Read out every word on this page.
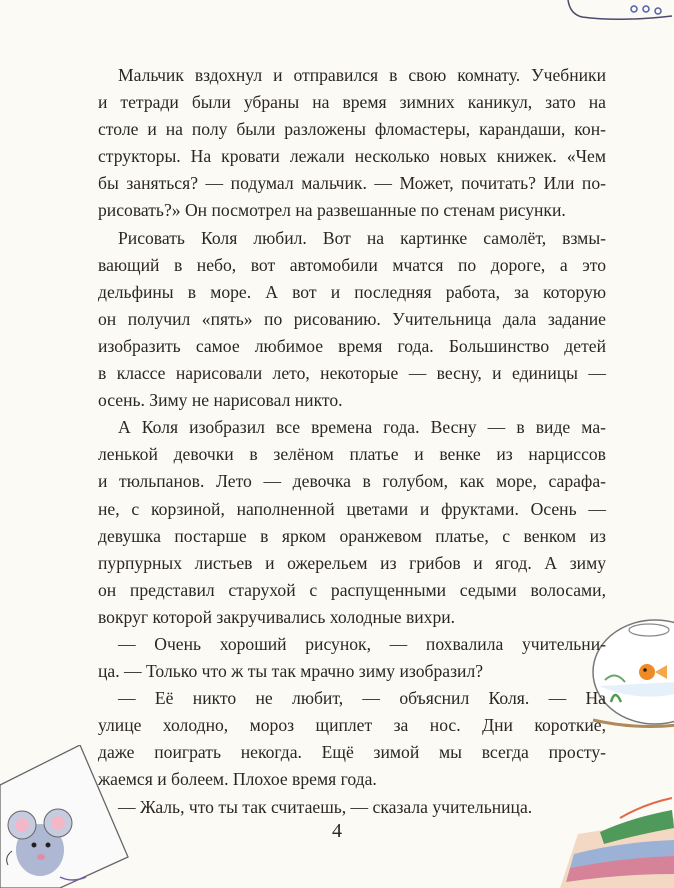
Мальчик вздохнул и отправился в свою комнату. Учебники
и тетради были убраны на время зимних каникул, зато на
столе и на полу были разложены фломастеры, карандаши, кон-
структоры. На кровати лежали несколько новых книжек. «Чем
бы заняться? — подумал мальчик. — Может, почитать? Или по-
рисовать?» Он посмотрел на развешанные по стенам рисунки.
Рисовать Коля любил. Вот на картинке самолёт, взмы-
вающий в небо, вот автомобили мчатся по дороге, а это
дельфины в море. А вот и последняя работа, за которую
он получил «пять» по рисованию. Учительница дала задание
изобразить самое любимое время года. Большинство детей
в классе нарисовали лето, некоторые — весну, и единицы —
осень. Зиму не нарисовал никто.
А Коля изобразил все времена года. Весну — в виде ма-
ленькой девочки в зелёном платье и венке из нарциссов
и тюльпанов. Лето — девочка в голубом, как море, сарафа-
не, с корзиной, наполненной цветами и фруктами. Осень —
девушка постарше в ярком оранжевом платье, с венком из
пурпурных листьев и ожерельем из грибов и ягод. А зиму
он представил старухой с распущенными седыми волосами,
вокруг которой закручивались холодные вихри.
— Очень хороший рисунок, — похвалила учительни-
ца. — Только что ж ты так мрачно зиму изобразил?
— Её никто не любит, — объяснил Коля. — На
улице холодно, мороз щиплет за нос. Дни короткие,
даже поиграть некогда. Ещё зимой мы всегда просту-
жаемся и болеем. Плохое время года.
— Жаль, что ты так считаешь, — сказала учительница.
4
